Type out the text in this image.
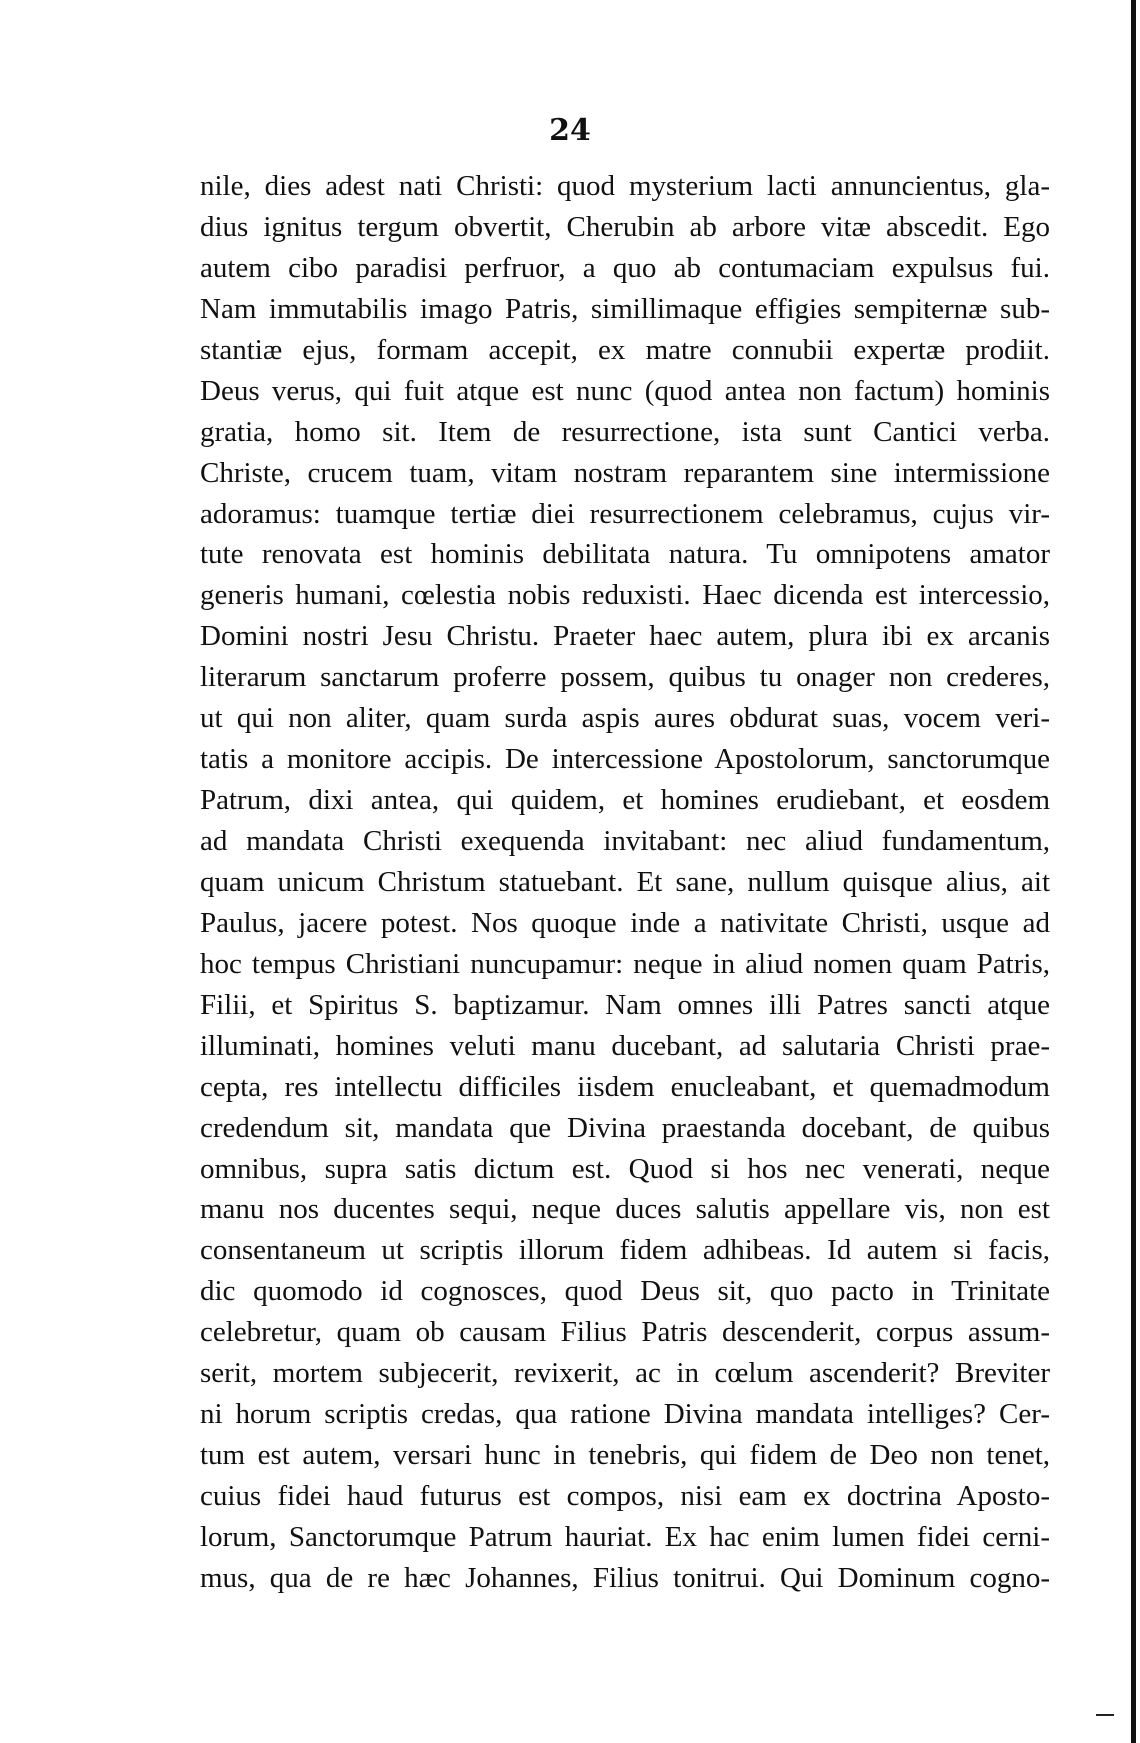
24
nile, dies adest nati Christi: quod mysterium lacti annuncientus, gla-
dius ignitus tergum obvertit, Cherubin ab arbore vitæ abscedit. Ego
autem cibo paradisi perfruor, a quo ab contumaciam expulsus fui.
Nam immutabilis imago Patris, simillimaque effigies sempiternæ sub-
stantiæ ejus, formam accepit, ex matre connubii expertæ prodiit.
Deus verus, qui fuit atque est nunc (quod antea non factum) hominis
gratia, homo sit. Item de resurrectione, ista sunt Cantici verba.
Christe, crucem tuam, vitam nostram reparantem sine intermissione
adoramus: tuamque tertiæ diei resurrectionem celebramus, cujus vir-
tute renovata est hominis debilitata natura. Tu omnipotens amator
generis humani, cœlestia nobis reduxisti. Haec dicenda est intercessio,
Domini nostri Jesu Christu. Praeter haec autem, plura ibi ex arcanis
literarum sanctarum proferre possem, quibus tu onager non crederes,
ut qui non aliter, quam surda aspis aures obdurat suas, vocem veri-
tatis a monitore accipis. De intercessione Apostolorum, sanctorumque
Patrum, dixi antea, qui quidem, et homines erudiebant, et eosdem
ad mandata Christi exequenda invitabant: nec aliud fundamentum,
quam unicum Christum statuebant. Et sane, nullum quisque alius, ait
Paulus, jacere potest. Nos quoque inde a nativitate Christi, usque ad
hoc tempus Christiani nuncupamur: neque in aliud nomen quam Patris,
Filii, et Spiritus S. baptizamur. Nam omnes illi Patres sancti atque
illuminati, homines veluti manu ducebant, ad salutaria Christi prae-
cepta, res intellectu difficiles iisdem enucleabant, et quemadmodum
credendum sit, mandata que Divina praestanda docebant, de quibus
omnibus, supra satis dictum est. Quod si hos nec venerati, neque
manu nos ducentes sequi, neque duces salutis appellare vis, non est
consentaneum ut scriptis illorum fidem adhibeas. Id autem si facis,
dic quomodo id cognosces, quod Deus sit, quo pacto in Trinitate
celebretur, quam ob causam Filius Patris descenderit, corpus assum-
serit, mortem subjecerit, revixerit, ac in cœlum ascenderit? Breviter
ni horum scriptis credas, qua ratione Divina mandata intelliges? Cer-
tum est autem, versari hunc in tenebris, qui fidem de Deo non tenet,
cuius fidei haud futurus est compos, nisi eam ex doctrina Aposto-
lorum, Sanctorumque Patrum hauriat. Ex hac enim lumen fidei cerni-
mus, qua de re hæc Johannes, Filius tonitrui. Qui Dominum cogno-
